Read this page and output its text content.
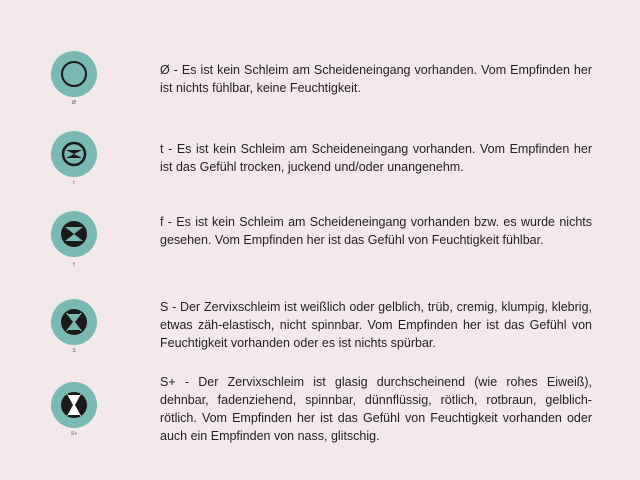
Ø

Ø - Es ist kein Schleim am Scheideneingang vorhanden. Vom Empfinden her ist nichts fühlbar, keine Feuchtigkeit.

t

t - Es ist kein Schleim am Scheideneingang vorhanden. Vom Empfinden her ist das Gefühl trocken, juckend und/oder unangenehm.

f

f - Es ist kein Schleim am Scheideneingang vorhanden bzw. es wurde nichts gesehen. Vom Empfinden her ist das Gefühl von Feuchtigkeit fühlbar.

S

S - Der Zervixschleim ist weißlich oder gelblich, trüb, cremig, klumpig, klebrig, etwas zäh-elastisch, nicht spinnbar. Vom Empfinden her ist das Gefühl von Feuchtigkeit vorhanden oder es ist nichts spürbar.

S+

S+ - Der Zervixschleim ist glasig durchscheinend (wie rohes Eiweiß), dehnbar, fadenziehend, spinnbar, dünnflüssig, rötlich, rotbraun, gelblich-rötlich. Vom Empfinden her ist das Gefühl von Feuchtigkeit vorhanden oder auch ein Empfinden von nass, glitschig.
